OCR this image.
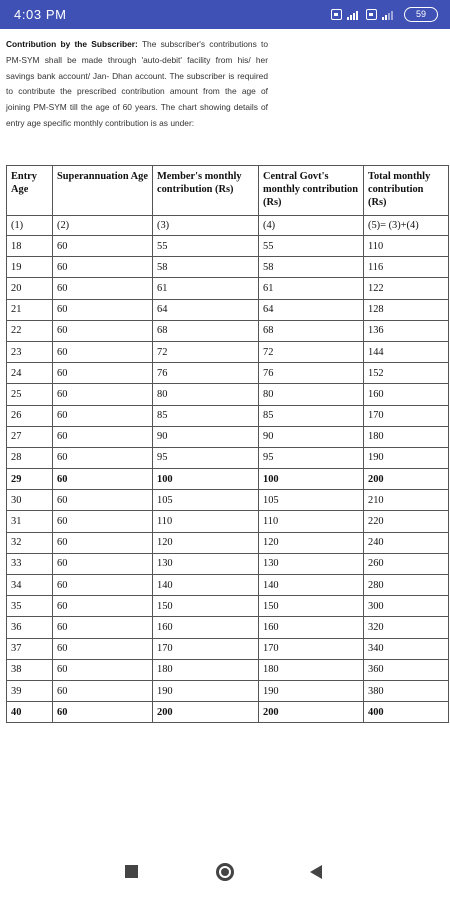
4:03 PM	59

Contribution by the Subscriber: The subscriber's contributions to PM-SYM shall be made through 'auto-debit' facility from his/ her savings bank account/ Jan- Dhan account. The subscriber is required to contribute the prescribed contribution amount from the age of joining PM-SYM till the age of 60 years. The chart showing details of entry age specific monthly contribution is as under:

Entry Age	Superannuation Age	Member's monthly contribution (Rs)	Central Govt's monthly contribution (Rs)	Total monthly contribution (Rs)
(1)	(2)	(3)	(4)	(5)= (3)+(4)
18	60	55	55	110
19	60	58	58	116
20	60	61	61	122
21	60	64	64	128
22	60	68	68	136
23	60	72	72	144
24	60	76	76	152
25	60	80	80	160
26	60	85	85	170
27	60	90	90	180
28	60	95	95	190
29	60	100	100	200
30	60	105	105	210
31	60	110	110	220
32	60	120	120	240
33	60	130	130	260
34	60	140	140	280
35	60	150	150	300
36	60	160	160	320
37	60	170	170	340
38	60	180	180	360
39	60	190	190	380
40	60	200	200	400
